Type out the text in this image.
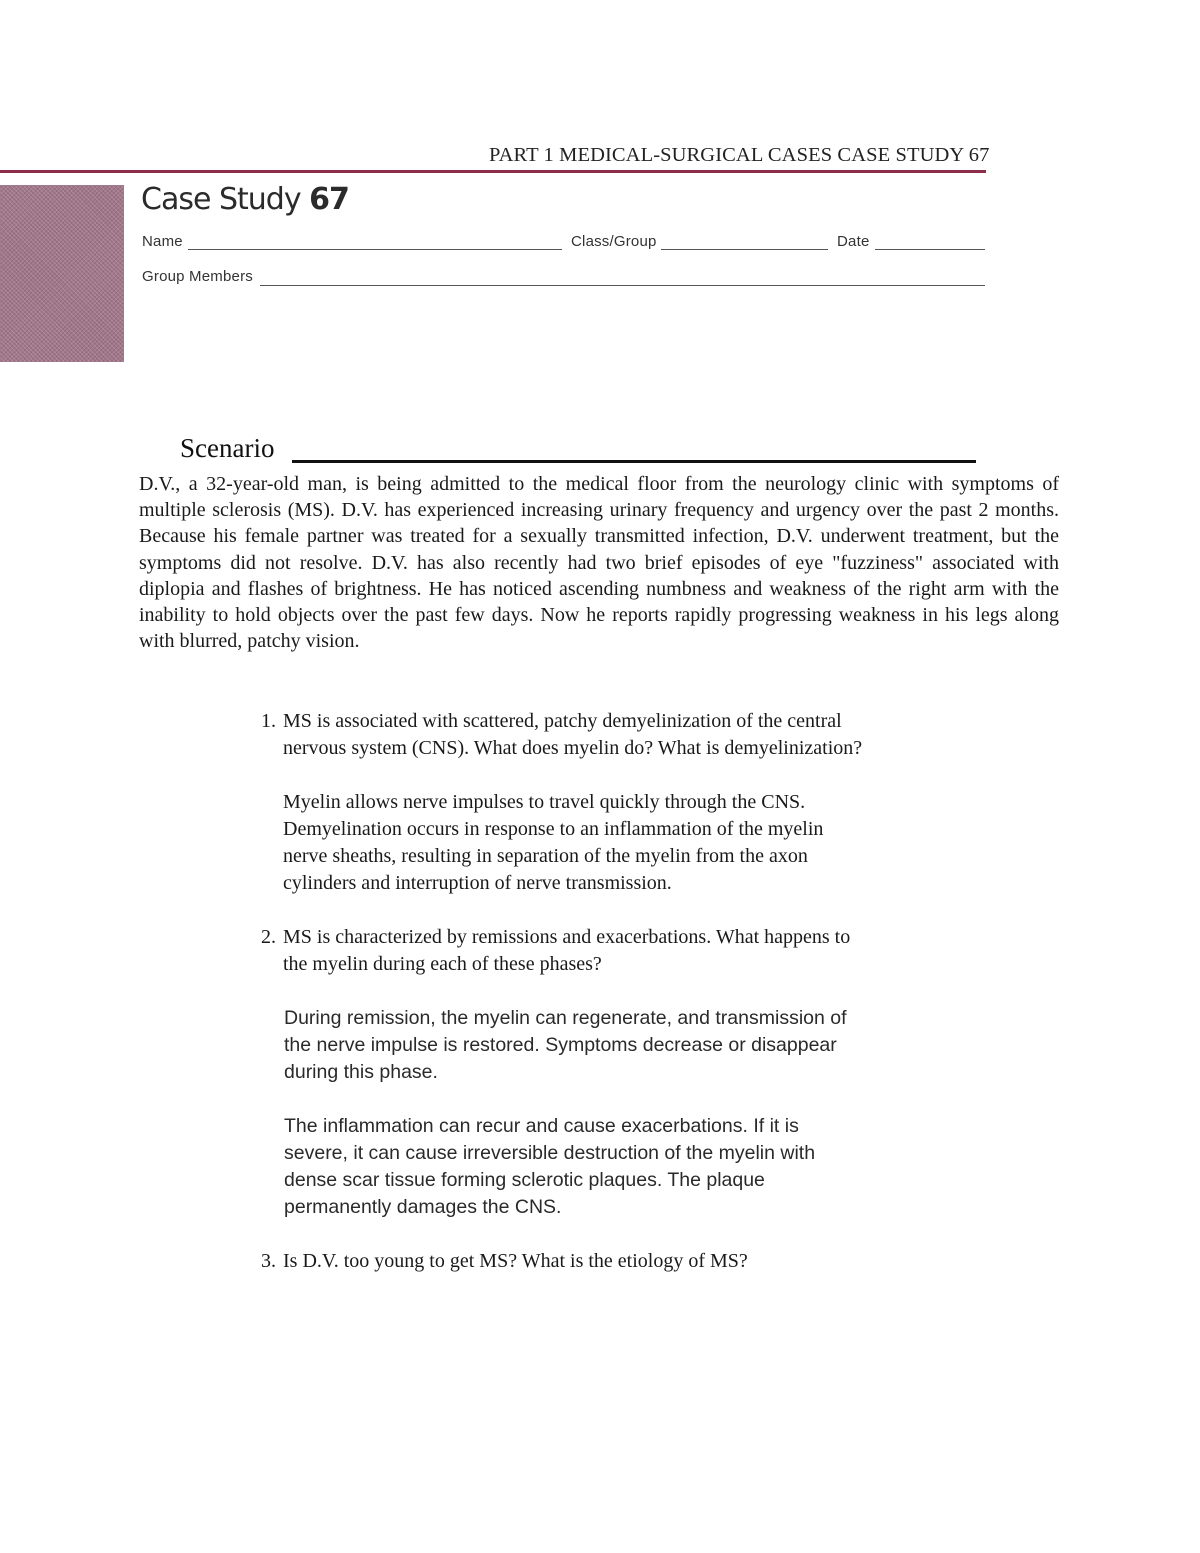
PART 1 MEDICAL-SURGICAL CASES CASE STUDY 67
Case Study 67
Name	Class/Group	Date
Group Members
Scenario
D.V., a 32-year-old man, is being admitted to the medical floor from the neurology clinic with symptoms of multiple sclerosis (MS). D.V. has experienced increasing urinary frequency and urgency over the past 2 months. Because his female partner was treated for a sexually transmitted infection, D.V. underwent treatment, but the symptoms did not resolve. D.V. has also recently had two brief episodes of eye "fuzziness" associated with diplopia and flashes of brightness. He has noticed ascending numbness and weakness of the right arm with the inability to hold objects over the past few days. Now he reports rapidly progressing weakness in his legs along with blurred, patchy vision.
1. MS is associated with scattered, patchy demyelinization of the central
nervous system (CNS). What does myelin do? What is demyelinization?
Myelin allows nerve impulses to travel quickly through the CNS.
Demyelination occurs in response to an inflammation of the myelin
nerve sheaths, resulting in separation of the myelin from the axon
cylinders and interruption of nerve transmission.
2. MS is characterized by remissions and exacerbations. What happens to
the myelin during each of these phases?
During remission, the myelin can regenerate, and transmission of
the nerve impulse is restored. Symptoms decrease or disappear
during this phase.
The inflammation can recur and cause exacerbations. If it is
severe, it can cause irreversible destruction of the myelin with
dense scar tissue forming sclerotic plaques. The plaque
permanently damages the CNS.
3. Is D.V. too young to get MS? What is the etiology of MS?
